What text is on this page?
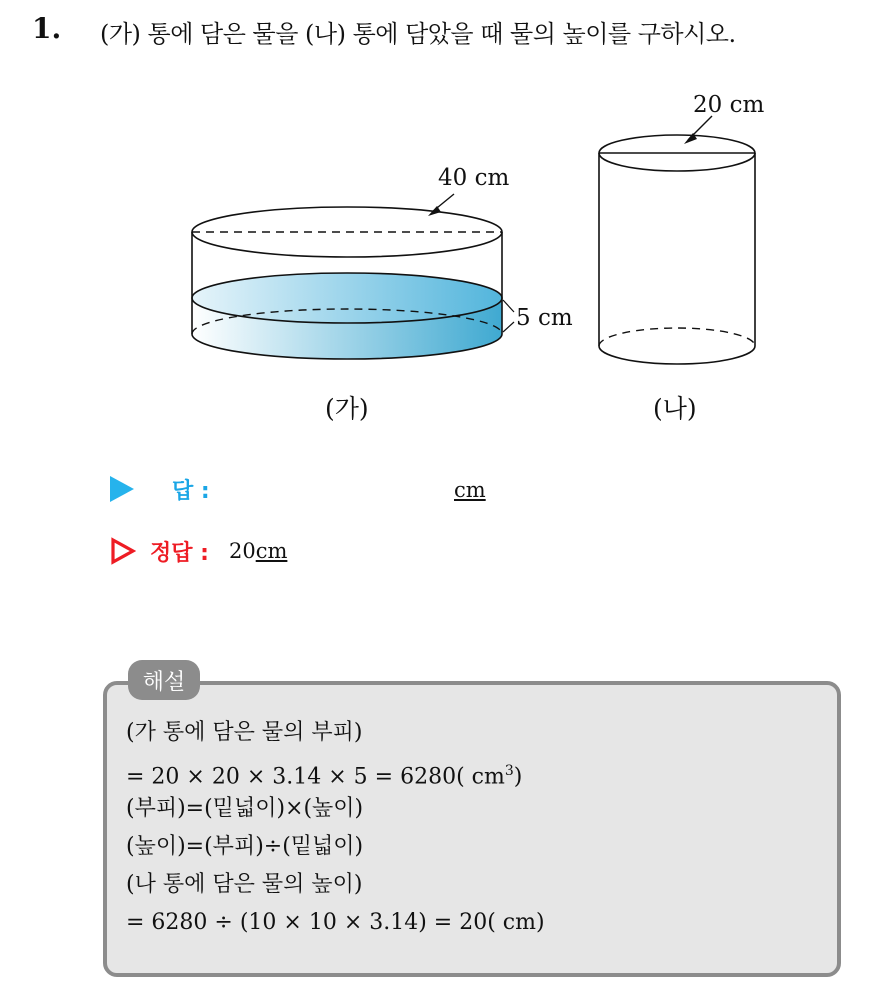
1. (가) 통에 담은 물을 (나) 통에 담았을 때 물의 높이를 구하시오.
40 cm
5 cm
20 cm
(가)	(나)
답 :	cm
정답 : 20cm
해설
(가 통에 담은 물의 부피)
= 20 × 20 × 3.14 × 5 = 6280( $cm^3$)
(부피)=(밑넓이)×(높이)
(높이)=(부피)÷(밑넓이)
(나 통에 담은 물의 높이)
= 6280 ÷ (10 × 10 × 3.14) = 20( cm)
